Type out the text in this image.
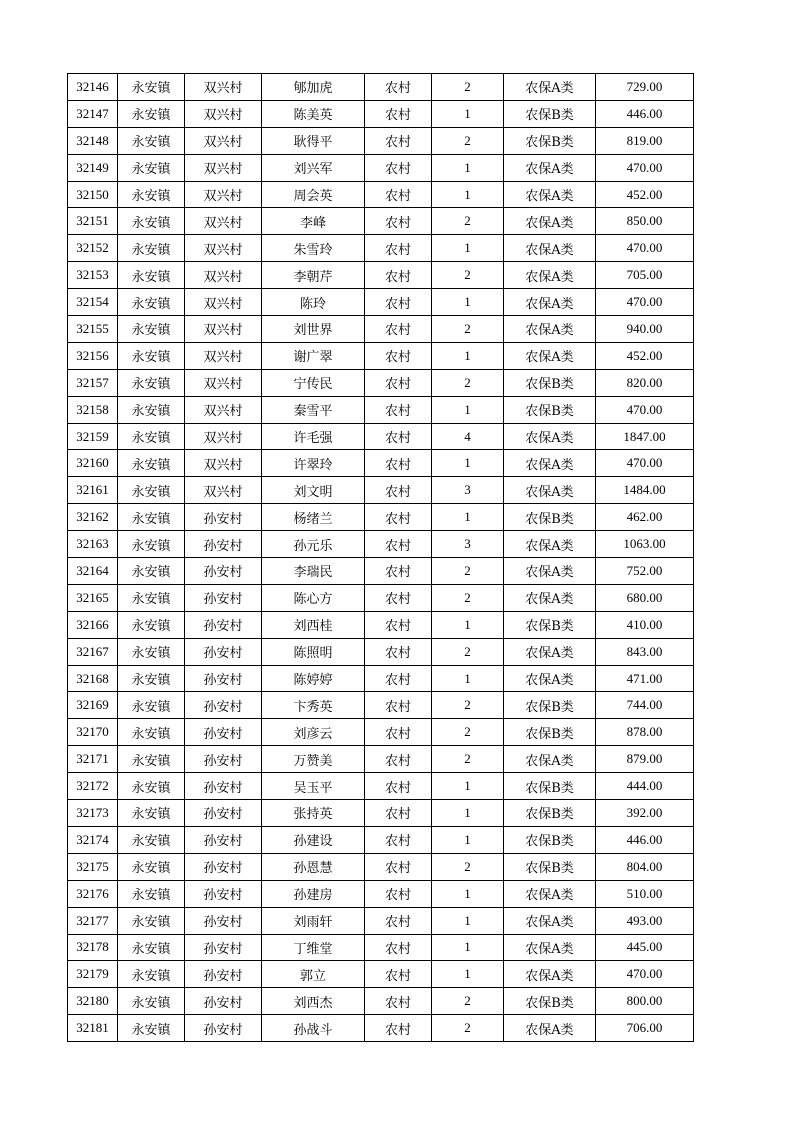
32146	永安镇	双兴村	郇加虎	农村	2	农保A类	729.00
32147	永安镇	双兴村	陈美英	农村	1	农保B类	446.00
32148	永安镇	双兴村	耿得平	农村	2	农保B类	819.00
32149	永安镇	双兴村	刘兴军	农村	1	农保A类	470.00
32150	永安镇	双兴村	周会英	农村	1	农保A类	452.00
32151	永安镇	双兴村	李峰	农村	2	农保A类	850.00
32152	永安镇	双兴村	朱雪玲	农村	1	农保A类	470.00
32153	永安镇	双兴村	李朝芹	农村	2	农保A类	705.00
32154	永安镇	双兴村	陈玲	农村	1	农保A类	470.00
32155	永安镇	双兴村	刘世界	农村	2	农保A类	940.00
32156	永安镇	双兴村	谢广翠	农村	1	农保A类	452.00
32157	永安镇	双兴村	宁传民	农村	2	农保B类	820.00
32158	永安镇	双兴村	秦雪平	农村	1	农保B类	470.00
32159	永安镇	双兴村	许毛强	农村	4	农保A类	1847.00
32160	永安镇	双兴村	许翠玲	农村	1	农保A类	470.00
32161	永安镇	双兴村	刘文明	农村	3	农保A类	1484.00
32162	永安镇	孙安村	杨绪兰	农村	1	农保B类	462.00
32163	永安镇	孙安村	孙元乐	农村	3	农保A类	1063.00
32164	永安镇	孙安村	李瑞民	农村	2	农保A类	752.00
32165	永安镇	孙安村	陈心方	农村	2	农保A类	680.00
32166	永安镇	孙安村	刘西桂	农村	1	农保B类	410.00
32167	永安镇	孙安村	陈照明	农村	2	农保A类	843.00
32168	永安镇	孙安村	陈婷婷	农村	1	农保A类	471.00
32169	永安镇	孙安村	卞秀英	农村	2	农保B类	744.00
32170	永安镇	孙安村	刘彦云	农村	2	农保B类	878.00
32171	永安镇	孙安村	万赞美	农村	2	农保A类	879.00
32172	永安镇	孙安村	吴玉平	农村	1	农保B类	444.00
32173	永安镇	孙安村	张持英	农村	1	农保B类	392.00
32174	永安镇	孙安村	孙建设	农村	1	农保B类	446.00
32175	永安镇	孙安村	孙恩慧	农村	2	农保B类	804.00
32176	永安镇	孙安村	孙建房	农村	1	农保A类	510.00
32177	永安镇	孙安村	刘雨轩	农村	1	农保A类	493.00
32178	永安镇	孙安村	丁维堂	农村	1	农保A类	445.00
32179	永安镇	孙安村	郭立	农村	1	农保A类	470.00
32180	永安镇	孙安村	刘西杰	农村	2	农保B类	800.00
32181	永安镇	孙安村	孙战斗	农村	2	农保A类	706.00
